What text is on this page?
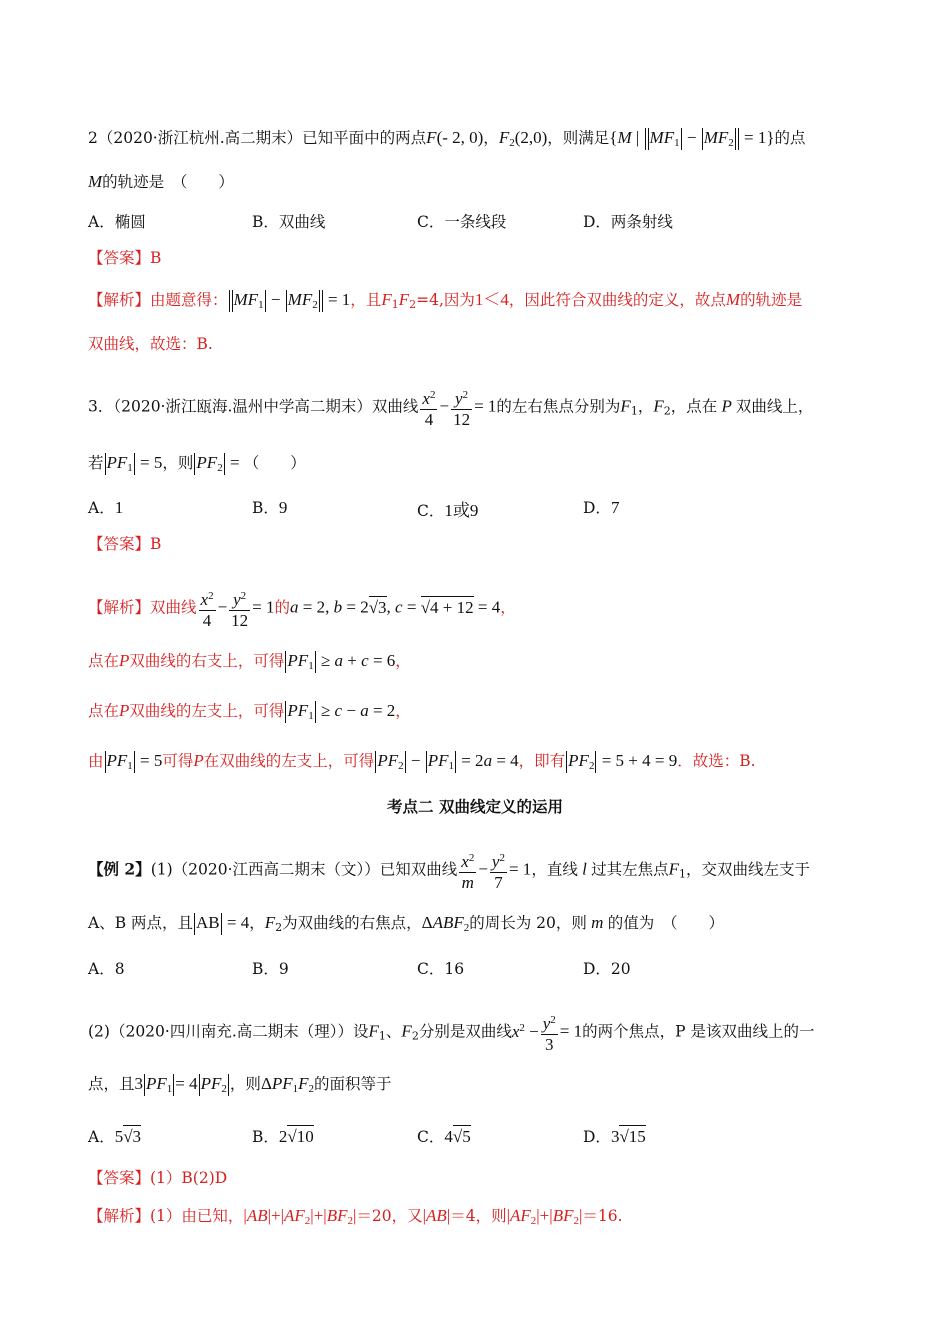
2（2020·浙江杭州.高二期末）已知平面中的两点F(- 2, 0)，$F_2(2,0)$，则满足{M | $MF_1 - MF_2 = 1$}的点
M的轨迹是　（　　）
A．椭圆	B．双曲线	C．一条线段	D．两条射线
【答案】B
【解析】由题意得： $MF_1 - MF_2 = 1$，且$F_1F_2=4$,因为1＜4，因此符合双曲线的定义，故点M的轨迹是
双曲线，故选：B.
3．（2020·浙江瓯海.温州中学高二期末）双曲线 $\frac{x^2}{4} - \frac{y^2}{12} = 1$的左右焦点分别为$F_1$，$F_2$，点在 P 双曲线上，
若 $PF_1 = 5$，则 $PF_2$ = （　　）
A．1	B．9	C．1或9	D．7
【答案】B
【解析】双曲线 $\frac{x^2}{4} - \frac{y^2}{12} = 1$的a = 2, b = 2√3, c = √4 + 12 = 4，
点在P双曲线的右支上，可得 $PF_1 \ge a + c = 6$，
点在P双曲线的左支上，可得 $PF_1 \ge c - a = 2$，
由 $PF_1 = 5$可得P在双曲线的左支上，可得 $PF_2 - PF_1 = 2a = 4$，即有 $PF_2 = 5 + 4 = 9$．故选：B.
考点二 双曲线定义的运用
【例 2】(1)（2020·江西高二期末（文））已知双曲线 $\frac{x^2}{m} - \frac{y^2}{7} = 1$，直线 l 过其左焦点$F_1$，交双曲线左支于
A、B 两点，且 AB = 4，$F_2$为双曲线的右焦点，$\Delta ABF_2$的周长为 20，则 m 的值为　（　　）
A．8	B．9	C．16	D．20
(2)（2020·四川南充.高二期末（理））设$F_1$、$F_2$分别是双曲线$x^2 - \frac{y^2}{3} = 1$的两个焦点，P 是该双曲线上的一
点，且3 $PF_1 = 4$ $PF_2$ ，则$\Delta PF_1F_2$的面积等于
A．5√3	B．2√10	C．4√5	D．3√15
【答案】(1）B(2)D
【解析】(1）由已知，$|AB|+|AF_2|+|BF_2|=20$，又|AB|＝4，则$|AF_2|+|BF_2|=16$.
